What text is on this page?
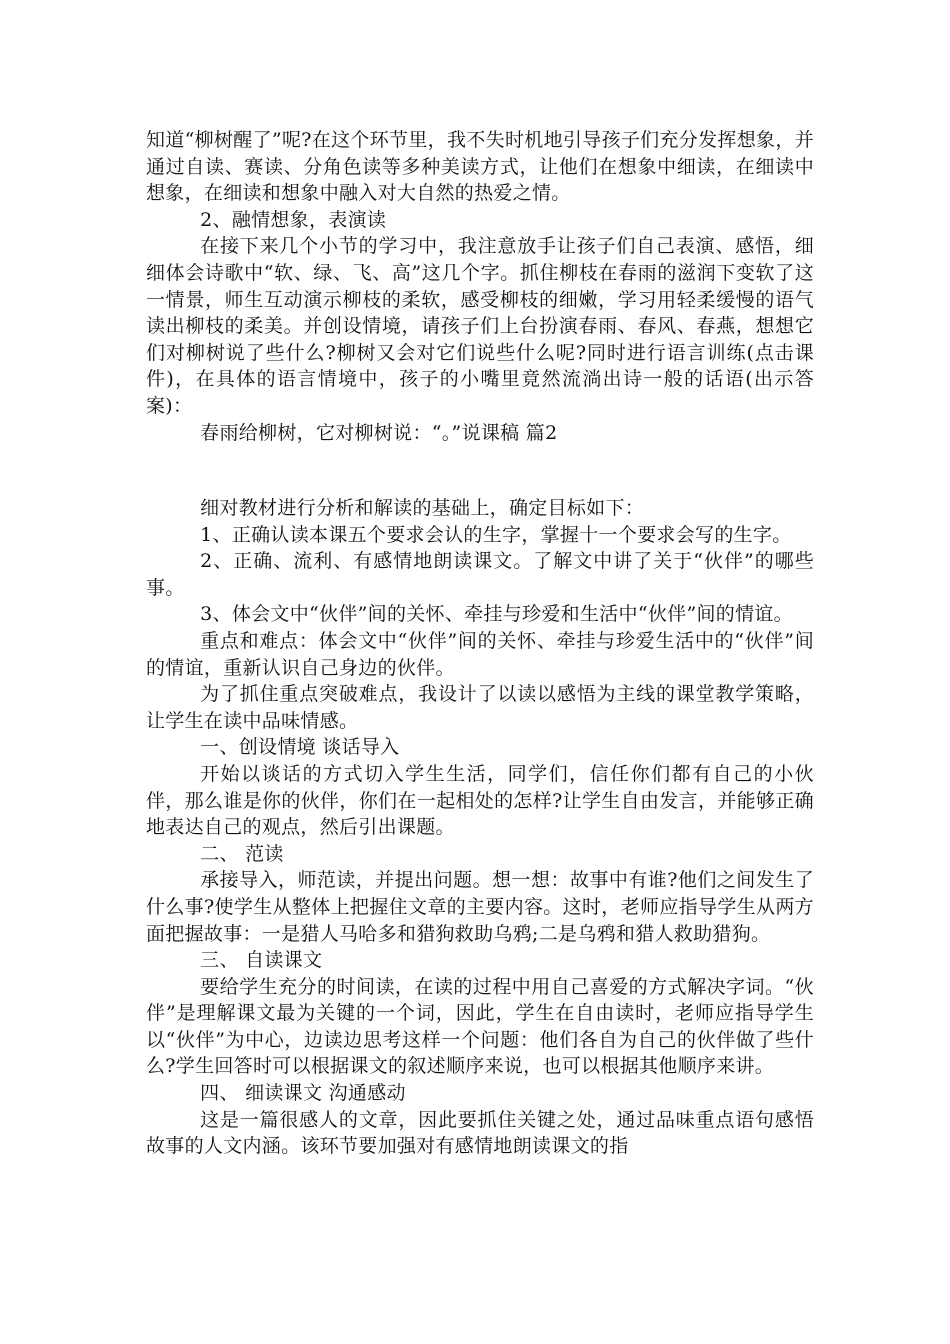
知道“柳树醒了”呢?在这个环节里，我不失时机地引导孩子们充分发挥想象，并通过自读、赛读、分角色读等多种美读方式，让他们在想象中细读，在细读中想象，在细读和想象中融入对大自然的热爱之情。

2、融情想象，表演读

在接下来几个小节的学习中，我注意放手让孩子们自己表演、感悟，细细体会诗歌中“软、绿、飞、高”这几个字。抓住柳枝在春雨的滋润下变软了这一情景，师生互动演示柳枝的柔软，感受柳枝的细嫩，学习用轻柔缓慢的语气读出柳枝的柔美。并创设情境，请孩子们上台扮演春雨、春风、春燕，想想它们对柳树说了些什么?柳树又会对它们说些什么呢?同时进行语言训练(点击课件)，在具体的语言情境中，孩子的小嘴里竟然流淌出诗一般的话语(出示答案)：

春雨给柳树，它对柳树说：“。”说课稿 篇2

细对教材进行分析和解读的基础上，确定目标如下：

1、正确认读本课五个要求会认的生字，掌握十一个要求会写的生字。

2、正确、流利、有感情地朗读课文。了解文中讲了关于“伙伴”的哪些事。

3、体会文中“伙伴”间的关怀、牵挂与珍爱和生活中“伙伴”间的情谊。

重点和难点：体会文中“伙伴”间的关怀、牵挂与珍爱生活中的“伙伴”间的情谊，重新认识自己身边的伙伴。

为了抓住重点突破难点，我设计了以读以感悟为主线的课堂教学策略，让学生在读中品味情感。

一、创设情境 谈话导入

开始以谈话的方式切入学生生活，同学们，信任你们都有自己的小伙伴，那么谁是你的伙伴，你们在一起相处的怎样?让学生自由发言，并能够正确地表达自己的观点，然后引出课题。

二、 范读

承接导入，师范读，并提出问题。想一想：故事中有谁?他们之间发生了什么事?使学生从整体上把握住文章的主要内容。这时，老师应指导学生从两方面把握故事：一是猎人马哈多和猎狗救助乌鸦;二是乌鸦和猎人救助猎狗。

三、 自读课文

要给学生充分的时间读，在读的过程中用自己喜爱的方式解决字词。“伙伴”是理解课文最为关键的一个词，因此，学生在自由读时，老师应指导学生以“伙伴”为中心，边读边思考这样一个问题：他们各自为自己的伙伴做了些什么?学生回答时可以根据课文的叙述顺序来说，也可以根据其他顺序来讲。

四、 细读课文 沟通感动

这是一篇很感人的文章，因此要抓住关键之处，通过品味重点语句感悟故事的人文内涵。该环节要加强对有感情地朗读课文的指
